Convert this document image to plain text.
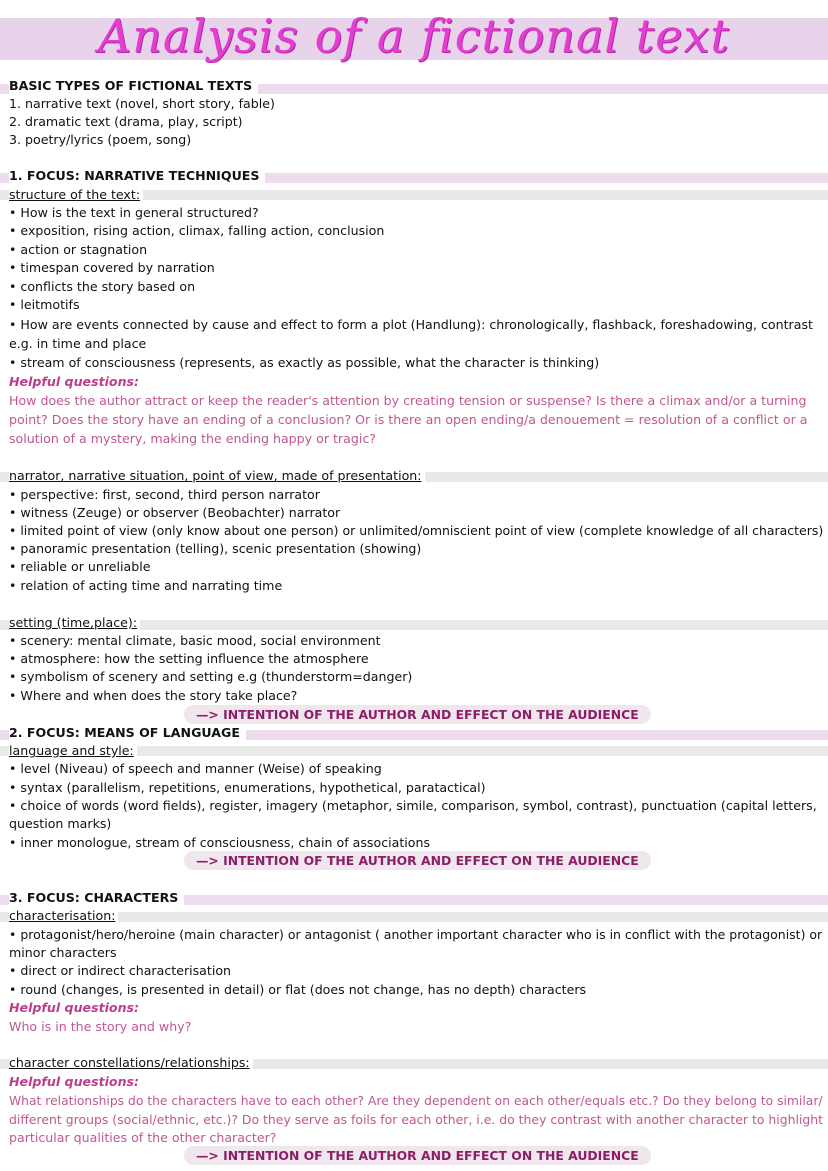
Analysis of a fictional text
BASIC TYPES OF FICTIONAL TEXTS
1. narrative text (novel, short story, fable)
2. dramatic text (drama, play, script)
3. poetry/lyrics (poem, song)
1. FOCUS: NARRATIVE TECHNIQUES
structure of the text:
• How is the text in general structured?
• exposition, rising action, climax, falling action, conclusion
• action or stagnation
• timespan covered by narration
• conflicts the story based on
• leitmotifs
• How are events connected by cause and effect to form a plot (Handlung): chronologically, flashback, foreshadowing, contrast
e.g. in time and place
• stream of consciousness (represents, as exactly as possible, what the character is thinking)
Helpful questions:
How does the author attract or keep the reader's attention by creating tension or suspense? Is there a climax and/or a turning
point? Does the story have an ending of a conclusion? Or is there an open ending/a denouement = resolution of a conflict or a
solution of a mystery, making the ending happy or tragic?
narrator, narrative situation, point of view, made of presentation:
• perspective: first, second, third person narrator
• witness (Zeuge) or observer (Beobachter) narrator
• limited point of view (only know about one person) or unlimited/omniscient point of view (complete knowledge of all characters)
• panoramic presentation (telling), scenic presentation (showing)
• reliable or unreliable
• relation of acting time and narrating time
setting (time,place):
• scenery: mental climate, basic mood, social environment
• atmosphere: how the setting influence the atmosphere
• symbolism of scenery and setting e.g (thunderstorm=danger)
• Where and when does the story take place?
—> INTENTION OF THE AUTHOR AND EFFECT ON THE AUDIENCE
2. FOCUS: MEANS OF LANGUAGE
language and style:
• level (Niveau) of speech and manner (Weise) of speaking
• syntax (parallelism, repetitions, enumerations, hypothetical, paratactical)
• choice of words (word fields), register, imagery (metaphor, simile, comparison, symbol, contrast), punctuation (capital letters,
question marks)
• inner monologue, stream of consciousness, chain of associations
—> INTENTION OF THE AUTHOR AND EFFECT ON THE AUDIENCE
3. FOCUS: CHARACTERS
characterisation:
• protagonist/hero/heroine (main character) or antagonist ( another important character who is in conflict with the protagonist) or
minor characters
• direct or indirect characterisation
• round (changes, is presented in detail) or flat (does not change, has no depth) characters
Helpful questions:
Who is in the story and why?
character constellations/relationships:
Helpful questions:
What relationships do the characters have to each other? Are they dependent on each other/equals etc.? Do they belong to similar/
different groups (social/ethnic, etc.)? Do they serve as foils for each other, i.e. do they contrast with another character to highlight
particular qualities of the other character?
—> INTENTION OF THE AUTHOR AND EFFECT ON THE AUDIENCE
